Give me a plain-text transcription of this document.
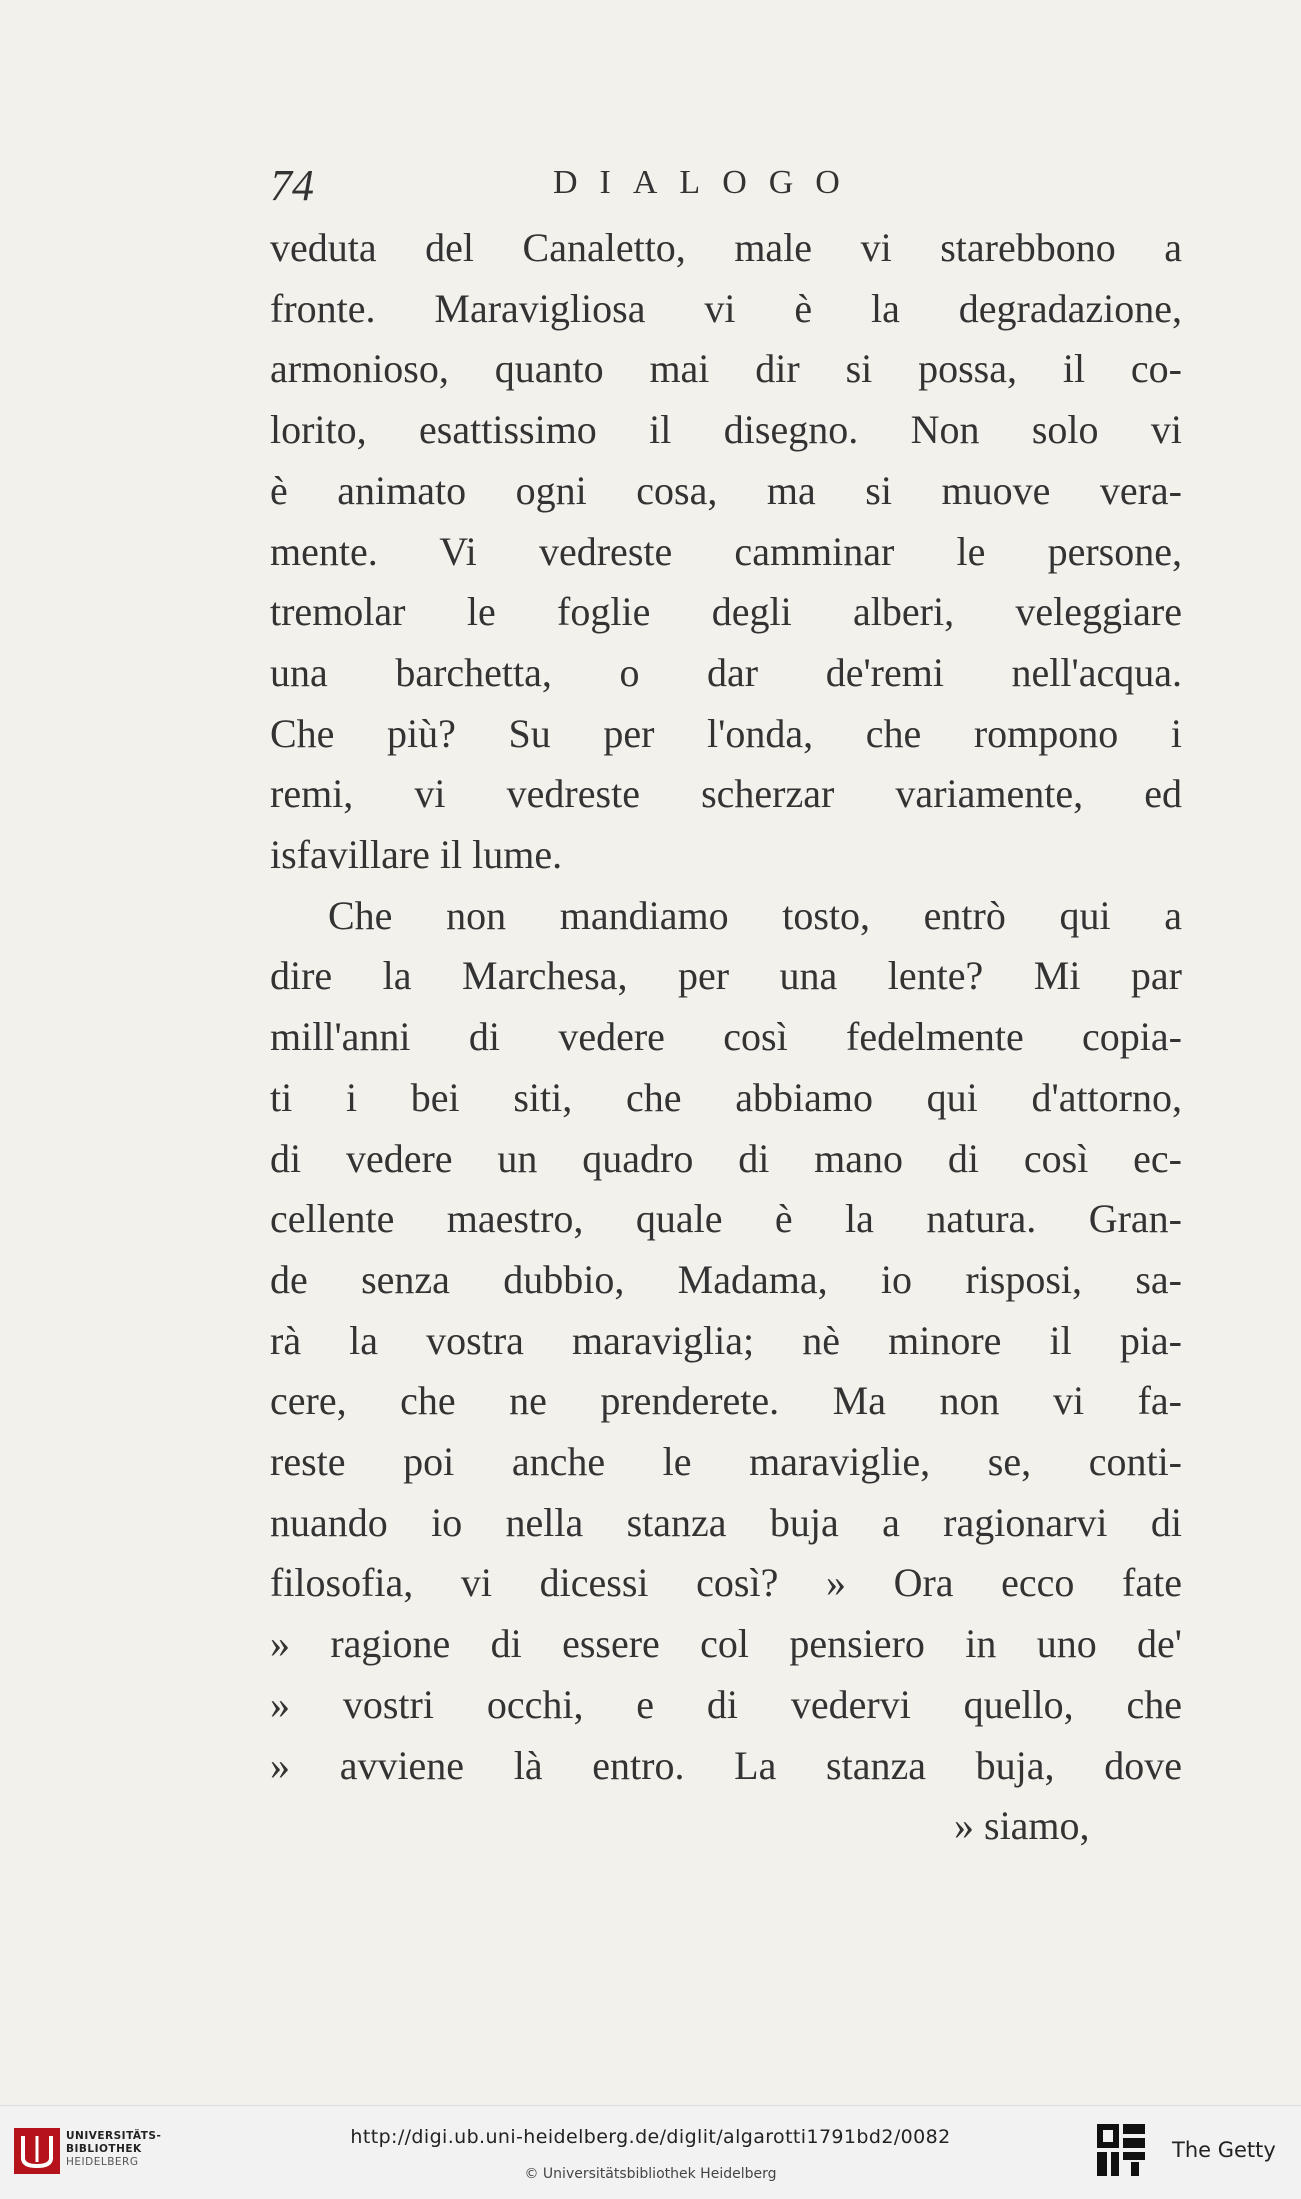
74	DIALOGO
veduta del Canaletto, male vi starebbono a
fronte. Maravigliosa vi è la degradazione,
armonioso, quanto mai dir si possa, il co-
lorito, esattissimo il disegno. Non solo vi
è animato ogni cosa, ma si muove vera-
mente. Vi vedreste camminar le persone,
tremolar le foglie degli alberi, veleggiare
una barchetta, o dar de'remi nell'acqua.
Che più? Su per l'onda, che rompono i
remi, vi vedreste scherzar variamente, ed
isfavillare il lume.
Che non mandiamo tosto, entrò qui a
dire la Marchesa, per una lente? Mi par
mill'anni di vedere così fedelmente copia-
ti i bei siti, che abbiamo qui d'attorno,
di vedere un quadro di mano di così ec-
cellente maestro, quale è la natura. Gran-
de senza dubbio, Madama, io risposi, sa-
rà la vostra maraviglia; nè minore il pia-
cere, che ne prenderete. Ma non vi fa-
reste poi anche le maraviglie, se, conti-
nuando io nella stanza buja a ragionarvi di
filosofia, vi dicessi così? » Ora ecco fate
» ragione di essere col pensiero in uno de'
» vostri occhi, e di vedervi quello, che
» avviene là entro. La stanza buja, dove
» siamo,
UNIVERSITÄTS-
BIBLIOTHEK
HEIDELBERG
http://digi.ub.uni-heidelberg.de/diglit/algarotti1791bd2/0082
© Universitätsbibliothek Heidelberg
The Getty
